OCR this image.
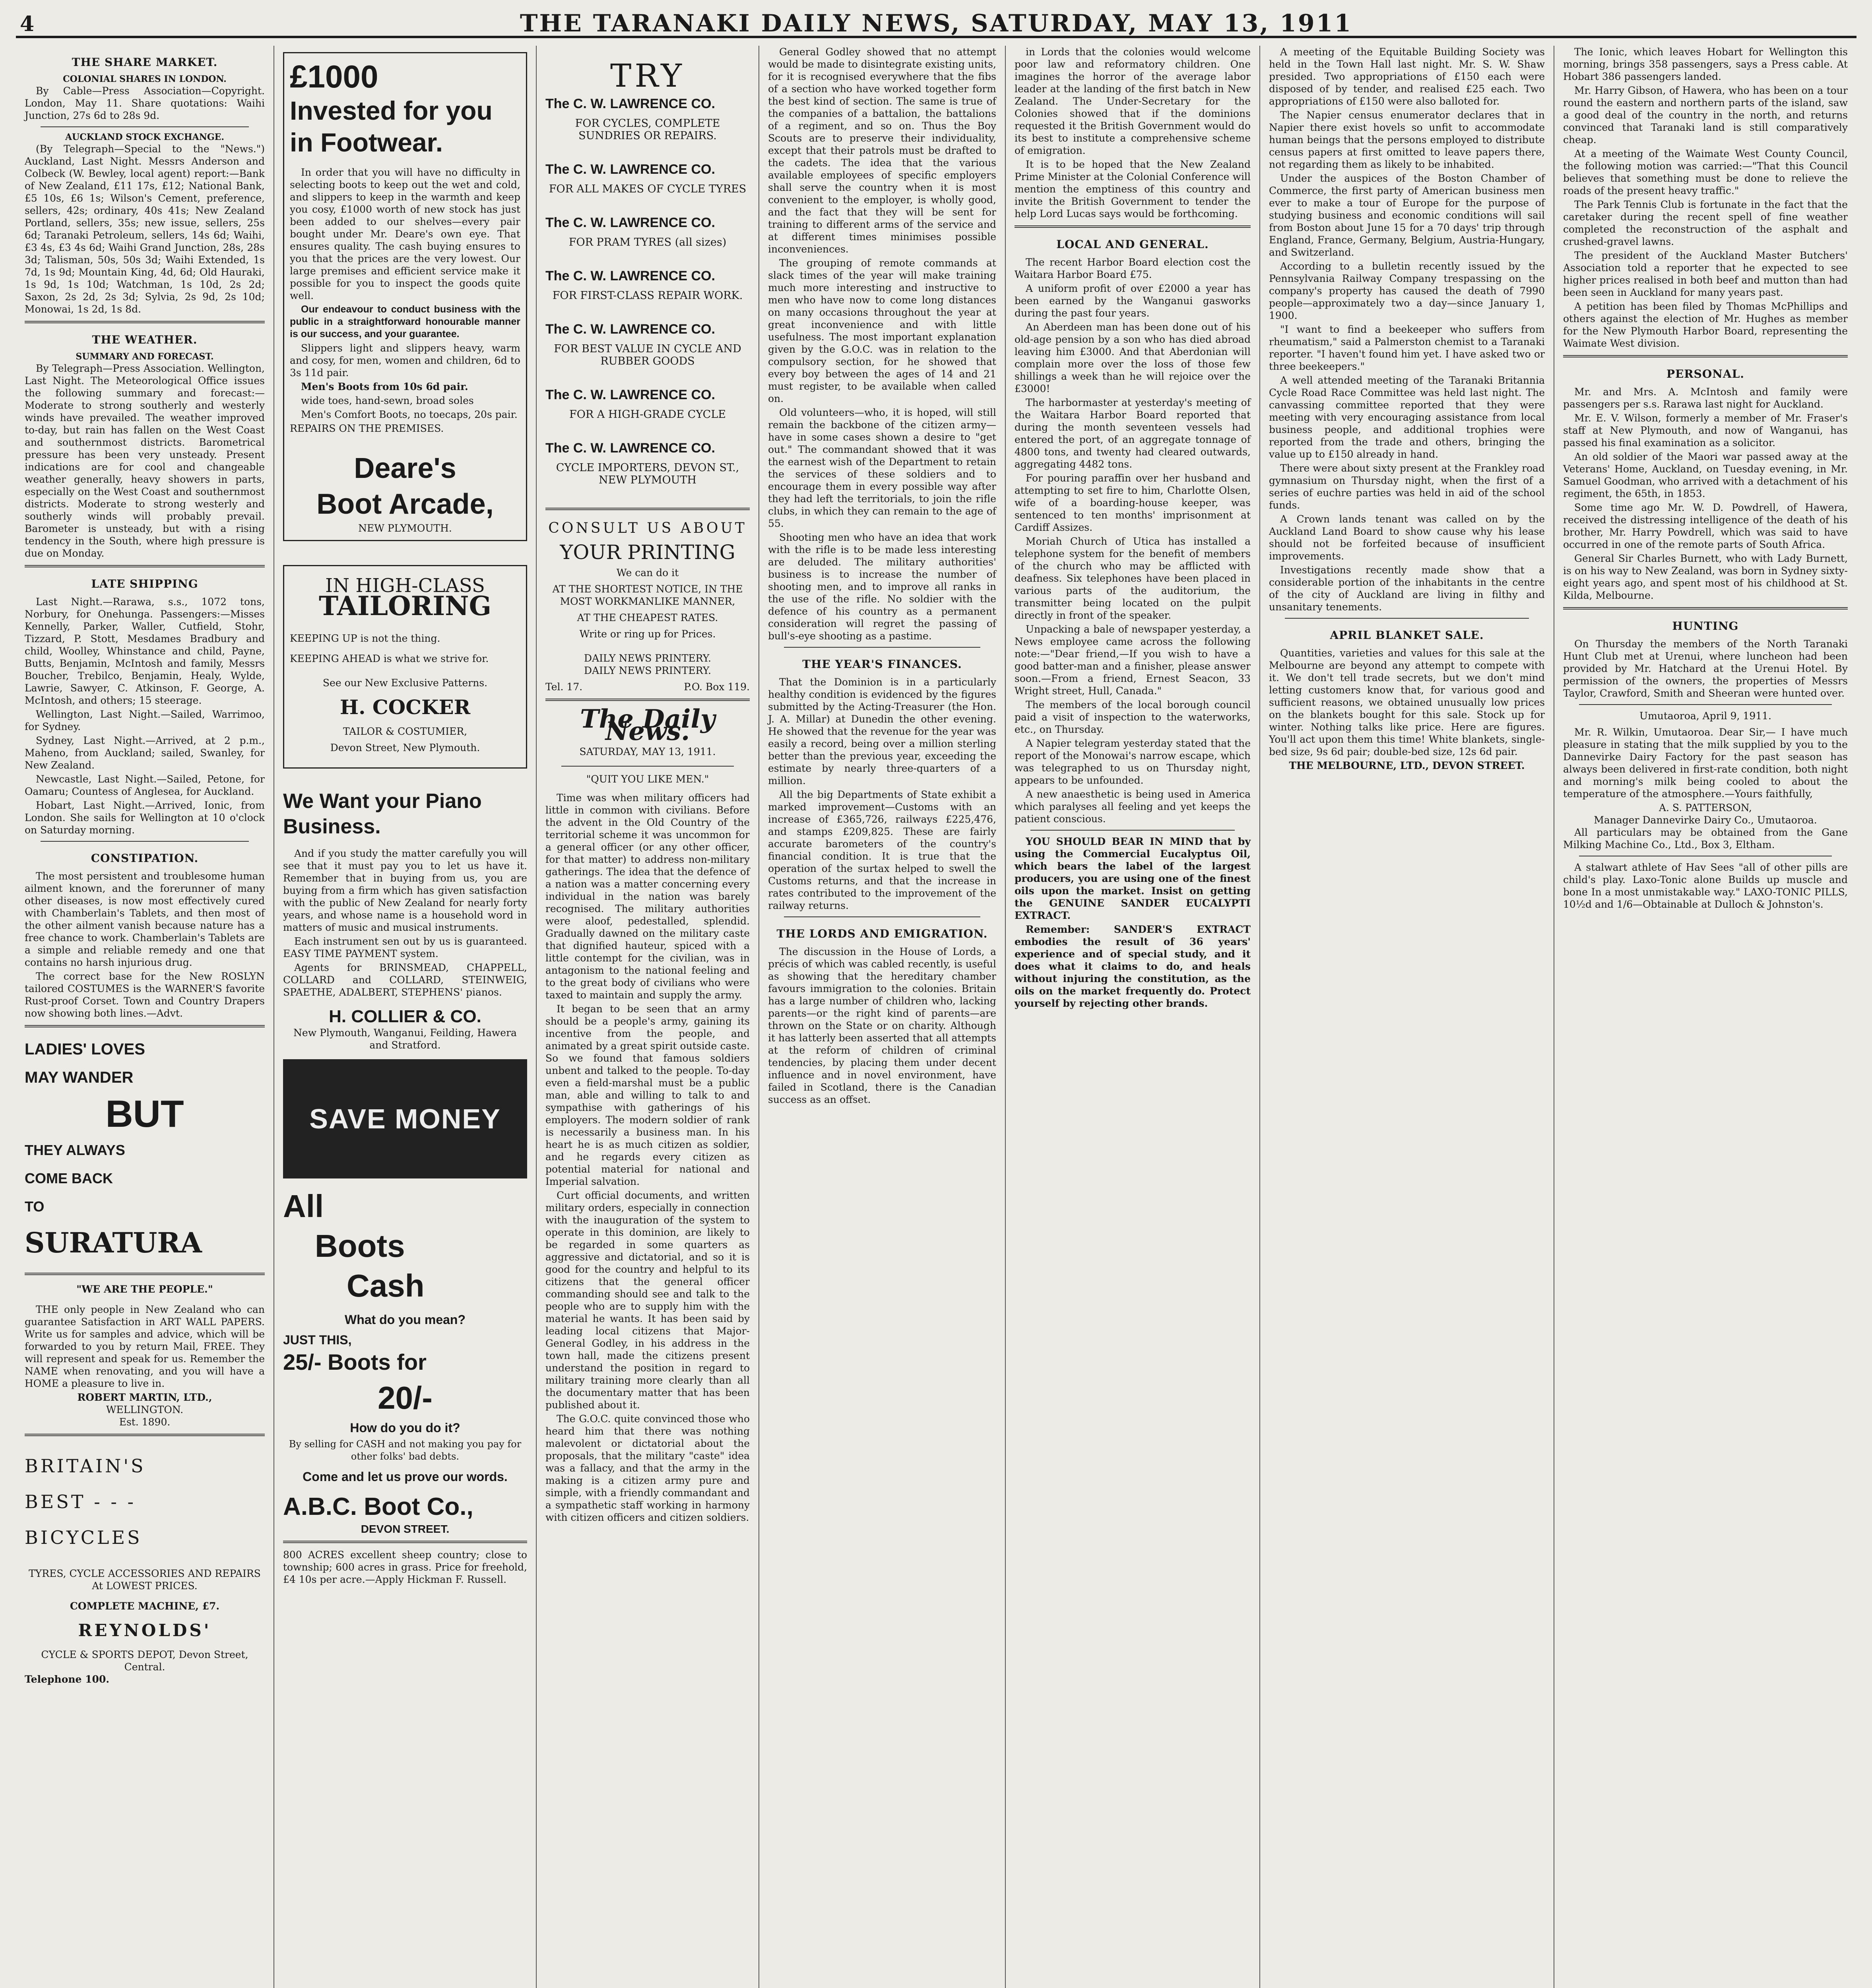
4	THE TARANAKI DAILY NEWS, SATURDAY, MAY 13, 1911
THE SHARE MARKET.
COLONIAL SHARES IN LONDON.

By Cable—Press Association—Copyright. London, May 11. Share quotations: Waihi Junction, 27s 6d to 28s 9d.

AUCKLAND STOCK EXCHANGE.

(By Telegraph—Special to the "News.") Auckland, Last Night. Messrs Anderson and Colbeck (W. Bewley, local agent) report:—Bank of New Zealand, £11 17s, £12; National Bank, £5 10s, £6 1s; Wilson's Cement, preference, sellers, 42s; ordinary, 40s 41s; New Zealand Portland, sellers, 35s; new issue, sellers, 25s 6d; Taranaki Petroleum, sellers, 14s 6d; Waihi, £3 4s, £3 4s 6d; Waihi Grand Junction, 28s, 28s 3d; Talisman, 50s, 50s 3d; Waihi Extended, 1s 7d, 1s 9d; Mountain King, 4d, 6d; Old Hauraki, 1s 9d, 1s 10d; Watchman, 1s 10d, 2s 2d; Saxon, 2s 2d, 2s 3d; Sylvia, 2s 9d, 2s 10d; Monowai, 1s 2d, 1s 8d.

THE WEATHER.
SUMMARY AND FORECAST.

By Telegraph—Press Association. Wellington, Last Night. The Meteorological Office issues the following summary and forecast:—Moderate to strong southerly and westerly winds have prevailed. The weather improved to-day, but rain has fallen on the West Coast and southernmost districts. Barometrical pressure has been very unsteady. Present indications are for cool and changeable weather generally, heavy showers in parts, especially on the West Coast and southernmost districts. Moderate to strong westerly and southerly winds will probably prevail. Barometer is unsteady, but with a rising tendency in the South, where high pressure is due on Monday.

LATE SHIPPING

Last Night.—Rarawa, s.s., 1072 tons, Norbury, for Onehunga. Passengers:—Misses Kennelly, Parker, Waller, Cutfield, Stohr, Tizzard, P. Stott, Mesdames Bradbury and child, Woolley, Whinstance and child, Payne, Butts, Benjamin, McIntosh and family, Messrs Boucher, Trebilco, Benjamin, Healy, Wylde, Lawrie, Sawyer, C. Atkinson, F. George, A. McIntosh, and others; 15 steerage.

Wellington, Last Night.—Sailed, Warrimoo, for Sydney.

Sydney, Last Night.—Arrived, at 2 p.m., Maheno, from Auckland; sailed, Swanley, for New Zealand.

Newcastle, Last Night.—Sailed, Petone, for Oamaru; Countess of Anglesea, for Auckland.

Hobart, Last Night.—Arrived, Ionic, from London. She sails for Wellington at 10 o'clock on Saturday morning.

CONSTIPATION.

The most persistent and troublesome human ailment known, and the forerunner of many other diseases, is now most effectively cured with Chamberlain's Tablets, and then most of the other ailment vanish because nature has a free chance to work. Chamberlain's Tablets are a simple and reliable remedy and one that contains no harsh injurious drug.

The correct base for the New ROSLYN tailored COSTUMES is the WARNER'S favorite Rust-proof Corset. Town and Country Drapers now showing both lines.—Advt.

LADIES' LOVES
MAY WANDER
BUT
THEY ALWAYS
COME BACK
TO
SURATURA
"WE ARE THE PEOPLE."

THE only people in New Zealand who can guarantee Satisfaction in ART WALL PAPERS. Write us for samples and advice, which will be forwarded to you by return Mail, FREE. They will represent and speak for us. Remember the NAME when renovating, and you will have a HOME a pleasure to live in.

ROBERT MARTIN, LTD.,
WELLINGTON.
Est. 1890.
BRITAIN'S
BEST - - -
BICYCLES
TYRES, CYCLE ACCESSORIES AND REPAIRS At LOWEST PRICES.
COMPLETE MACHINE, £7.
REYNOLDS'
CYCLE & SPORTS DEPOT, Devon Street, Central.
Telephone 100.
£1000
Invested for you
in Footwear.

In order that you will have no difficulty in selecting boots to keep out the wet and cold, and slippers to keep in the warmth and keep you cosy, £1000 worth of new stock has just been added to our shelves—every pair bought under Mr. Deare's own eye. That ensures quality. The cash buying ensures to you that the prices are the very lowest. Our large premises and efficient service make it possible for you to inspect the goods quite well.

Our endeavour to conduct business with the public in a straightforward honourable manner is our success, and your guarantee.

Slippers light and slippers heavy, warm and cosy, for men, women and children, 6d to 3s 11d pair.

Men's Boots from 10s 6d pair.

wide toes, hand-sewn, broad soles

Men's Comfort Boots, no toecaps, 20s pair.

REPAIRS ON THE PREMISES.

Deare's
Boot Arcade,
NEW PLYMOUTH.
IN HIGH-CLASS
TAILORING

KEEPING UP is not the thing.

KEEPING AHEAD is what we strive for.

See our New Exclusive Patterns.

H. COCKER
TAILOR & COSTUMIER,
Devon Street, New Plymouth.
We Want your Piano
Business.

And if you study the matter carefully you will see that it must pay you to let us have it. Remember that in buying from us, you are buying from a firm which has given satisfaction with the public of New Zealand for nearly forty years, and whose name is a household word in matters of music and musical instruments.

Each instrument sen out by us is guaranteed. EASY TIME PAYMENT system.

Agents for BRINSMEAD, CHAPPELL, COLLARD and COLLARD, STEINWEIG, SPAETHE, ADALBERT, STEPHENS' pianos.

H. COLLIER & CO.
New Plymouth, Wanganui, Feilding, Hawera and Stratford.
SAVE MONEY
All
Boots
Cash
What do you mean?
JUST THIS,
25/- Boots for
20/-
How do you do it?
By selling for CASH and not making you pay for other folks' bad debts.
Come and let us prove our words.
A.B.C. Boot Co.,
DEVON STREET.

800 ACRES excellent sheep country; close to township; 600 acres in grass. Price for freehold, £4 10s per acre.—Apply Hickman F. Russell.

TRY
The C. W. LAWRENCE CO.
FOR CYCLES, COMPLETE SUNDRIES OR REPAIRS.
The C. W. LAWRENCE CO.
FOR ALL MAKES OF CYCLE TYRES
The C. W. LAWRENCE CO.
FOR PRAM TYRES (all sizes)
The C. W. LAWRENCE CO.
FOR FIRST-CLASS REPAIR WORK.
The C. W. LAWRENCE CO.
FOR BEST VALUE IN CYCLE AND RUBBER GOODS
The C. W. LAWRENCE CO.
FOR A HIGH-GRADE CYCLE
The C. W. LAWRENCE CO.
CYCLE IMPORTERS, DEVON ST., NEW PLYMOUTH
CONSULT US ABOUT
YOUR PRINTING
We can do it
AT THE SHORTEST NOTICE, IN THE MOST WORKMANLIKE MANNER,
AT THE CHEAPEST RATES.
Write or ring up for Prices.
DAILY NEWS PRINTERY.
DAILY NEWS PRINTERY.
Tel. 17.	P.O. Box 119.
The Daily News.
SATURDAY, MAY 13, 1911.
"QUIT YOU LIKE MEN."

Time was when military officers had little in common with civilians. Before the advent in the Old Country of the territorial scheme it was uncommon for a general officer (or any other officer, for that matter) to address non-military gatherings. The idea that the defence of a nation was a matter concerning every individual in the nation was barely recognised. The military authorities were aloof, pedestalled, splendid. Gradually dawned on the military caste that dignified hauteur, spiced with a little contempt for the civilian, was in antagonism to the national feeling and to the great body of civilians who were taxed to maintain and supply the army.

It began to be seen that an army should be a people's army, gaining its incentive from the people, and animated by a great spirit outside caste. So we found that famous soldiers unbent and talked to the people. To-day even a field-marshal must be a public man, able and willing to talk to and sympathise with gatherings of his employers. The modern soldier of rank is necessarily a business man. In his heart he is as much citizen as soldier, and he regards every citizen as potential material for national and Imperial salvation.

Curt official documents, and written military orders, especially in connection with the inauguration of the system to operate in this dominion, are likely to be regarded in some quarters as aggressive and dictatorial, and so it is good for the country and helpful to its citizens that the general officer commanding should see and talk to the people who are to supply him with the material he wants. It has been said by leading local citizens that Major-General Godley, in his address in the town hall, made the citizens present understand the position in regard to military training more clearly than all the documentary matter that has been published about it.

The G.O.C. quite convinced those who heard him that there was nothing malevolent or dictatorial about the proposals, that the military "caste" idea was a fallacy, and that the army in the making is a citizen army pure and simple, with a friendly commandant and a sympathetic staff working in harmony with citizen officers and citizen soldiers.

General Godley showed that no attempt would be made to disintegrate existing units, for it is recognised everywhere that the fibs of a section who have worked together form the best kind of section. The same is true of the companies of a battalion, the battalions of a regiment, and so on. Thus the Boy Scouts are to preserve their individuality, except that their patrols must be drafted to the cadets. The idea that the various available employees of specific employers shall serve the country when it is most convenient to the employer, is wholly good, and the fact that they will be sent for training to different arms of the service and at different times minimises possible inconveniences.

The grouping of remote commands at slack times of the year will make training much more interesting and instructive to men who have now to come long distances on many occasions throughout the year at great inconvenience and with little usefulness. The most important explanation given by the G.O.C. was in relation to the compulsory section, for he showed that every boy between the ages of 14 and 21 must register, to be available when called on.

Old volunteers—who, it is hoped, will still remain the backbone of the citizen army—have in some cases shown a desire to "get out." The commandant showed that it was the earnest wish of the Department to retain the services of these soldiers and to encourage them in every possible way after they had left the territorials, to join the rifle clubs, in which they can remain to the age of 55.

Shooting men who have an idea that work with the rifle is to be made less interesting are deluded. The military authorities' business is to increase the number of shooting men, and to improve all ranks in the use of the rifle. No soldier with the defence of his country as a permanent consideration will regret the passing of bull's-eye shooting as a pastime.

THE YEAR'S FINANCES.

That the Dominion is in a particularly healthy condition is evidenced by the figures submitted by the Acting-Treasurer (the Hon. J. A. Millar) at Dunedin the other evening. He showed that the revenue for the year was easily a record, being over a million sterling better than the previous year, exceeding the estimate by nearly three-quarters of a million.

All the big Departments of State exhibit a marked improvement—Customs with an increase of £365,726, railways £225,476, and stamps £209,825. These are fairly accurate barometers of the country's financial condition. It is true that the operation of the surtax helped to swell the Customs returns, and that the increase in rates contributed to the improvement of the railway returns.

THE LORDS AND EMIGRATION.

The discussion in the House of Lords, a précis of which was cabled recently, is useful as showing that the hereditary chamber favours immigration to the colonies. Britain has a large number of children who, lacking parents—or the right kind of parents—are thrown on the State or on charity. Although it has latterly been asserted that all attempts at the reform of children of criminal tendencies, by placing them under decent influence and in novel environment, have failed in Scotland, there is the Canadian success as an offset.

in Lords that the colonies would welcome poor law and reformatory children. One imagines the horror of the average labor leader at the landing of the first batch in New Zealand. The Under-Secretary for the Colonies showed that if the dominions requested it the British Government would do its best to institute a comprehensive scheme of emigration.

It is to be hoped that the New Zealand Prime Minister at the Colonial Conference will mention the emptiness of this country and invite the British Government to tender the help Lord Lucas says would be forthcoming.

LOCAL AND GENERAL.

The recent Harbor Board election cost the Waitara Harbor Board £75.

A uniform profit of over £2000 a year has been earned by the Wanganui gasworks during the past four years.

An Aberdeen man has been done out of his old-age pension by a son who has died abroad leaving him £3000. And that Aberdonian will complain more over the loss of those few shillings a week than he will rejoice over the £3000!

The harbormaster at yesterday's meeting of the Waitara Harbor Board reported that during the month seventeen vessels had entered the port, of an aggregate tonnage of 4800 tons, and twenty had cleared outwards, aggregating 4482 tons.

For pouring paraffin over her husband and attempting to set fire to him, Charlotte Olsen, wife of a boarding-house keeper, was sentenced to ten months' imprisonment at Cardiff Assizes.

Moriah Church of Utica has installed a telephone system for the benefit of members of the church who may be afflicted with deafness. Six telephones have been placed in various parts of the auditorium, the transmitter being located on the pulpit directly in front of the speaker.

Unpacking a bale of newspaper yesterday, a News employee came across the following note:—"Dear friend,—If you wish to have a good batter-man and a finisher, please answer soon.—From a friend, Ernest Seacon, 33 Wright street, Hull, Canada."

The members of the local borough council paid a visit of inspection to the waterworks, etc., on Thursday.

A Napier telegram yesterday stated that the report of the Monowai's narrow escape, which was telegraphed to us on Thursday night, appears to be unfounded.

A new anaesthetic is being used in America which paralyses all feeling and yet keeps the patient conscious.

YOU SHOULD BEAR IN MIND that by using the Commercial Eucalyptus Oil, which bears the label of the largest producers, you are using one of the finest oils upon the market. Insist on getting the GENUINE SANDER EUCALYPTI EXTRACT.

Remember: SANDER'S EXTRACT embodies the result of 36 years' experience and of special study, and it does what it claims to do, and heals without injuring the constitution, as the oils on the market frequently do. Protect yourself by rejecting other brands.

A meeting of the Equitable Building Society was held in the Town Hall last night. Mr. S. W. Shaw presided. Two appropriations of £150 each were disposed of by tender, and realised £25 each. Two appropriations of £150 were also balloted for.

The Napier census enumerator declares that in Napier there exist hovels so unfit to accommodate human beings that the persons employed to distribute census papers at first omitted to leave papers there, not regarding them as likely to be inhabited.

Under the auspices of the Boston Chamber of Commerce, the first party of American business men ever to make a tour of Europe for the purpose of studying business and economic conditions will sail from Boston about June 15 for a 70 days' trip through England, France, Germany, Belgium, Austria-Hungary, and Switzerland.

According to a bulletin recently issued by the Pennsylvania Railway Company trespassing on the company's property has caused the death of 7990 people—approximately two a day—since January 1, 1900.

"I want to find a beekeeper who suffers from rheumatism," said a Palmerston chemist to a Taranaki reporter. "I haven't found him yet. I have asked two or three beekeepers."

A well attended meeting of the Taranaki Britannia Cycle Road Race Committee was held last night. The canvassing committee reported that they were meeting with very encouraging assistance from local business people, and additional trophies were reported from the trade and others, bringing the value up to £150 already in hand.

There were about sixty present at the Frankley road gymnasium on Thursday night, when the first of a series of euchre parties was held in aid of the school funds.

A Crown lands tenant was called on by the Auckland Land Board to show cause why his lease should not be forfeited because of insufficient improvements.

Investigations recently made show that a considerable portion of the inhabitants in the centre of the city of Auckland are living in filthy and unsanitary tenements.

APRIL BLANKET SALE.

Quantities, varieties and values for this sale at the Melbourne are beyond any attempt to compete with it. We don't tell trade secrets, but we don't mind letting customers know that, for various good and sufficient reasons, we obtained unusually low prices on the blankets bought for this sale. Stock up for winter. Nothing talks like price. Here are figures. You'll act upon them this time! White blankets, single-bed size, 9s 6d pair; double-bed size, 12s 6d pair.

THE MELBOURNE, LTD., DEVON STREET.

The Ionic, which leaves Hobart for Wellington this morning, brings 358 passengers, says a Press cable. At Hobart 386 passengers landed.

Mr. Harry Gibson, of Hawera, who has been on a tour round the eastern and northern parts of the island, saw a good deal of the country in the north, and returns convinced that Taranaki land is still comparatively cheap.

At a meeting of the Waimate West County Council, the following motion was carried:—"That this Council believes that something must be done to relieve the roads of the present heavy traffic."

The Park Tennis Club is fortunate in the fact that the caretaker during the recent spell of fine weather completed the reconstruction of the asphalt and crushed-gravel lawns.

The president of the Auckland Master Butchers' Association told a reporter that he expected to see higher prices realised in both beef and mutton than had been seen in Auckland for many years past.

A petition has been filed by Thomas McPhillips and others against the election of Mr. Hughes as member for the New Plymouth Harbor Board, representing the Waimate West division.

PERSONAL.

Mr. and Mrs. A. McIntosh and family were passengers per s.s. Rarawa last night for Auckland.

Mr. E. V. Wilson, formerly a member of Mr. Fraser's staff at New Plymouth, and now of Wanganui, has passed his final examination as a solicitor.

An old soldier of the Maori war passed away at the Veterans' Home, Auckland, on Tuesday evening, in Mr. Samuel Goodman, who arrived with a detachment of his regiment, the 65th, in 1853.

Some time ago Mr. W. D. Powdrell, of Hawera, received the distressing intelligence of the death of his brother, Mr. Harry Powdrell, which was said to have occurred in one of the remote parts of South Africa.

General Sir Charles Burnett, who with Lady Burnett, is on his way to New Zealand, was born in Sydney sixty-eight years ago, and spent most of his childhood at St. Kilda, Melbourne.

HUNTING

On Thursday the members of the North Taranaki Hunt Club met at Urenui, where luncheon had been provided by Mr. Hatchard at the Urenui Hotel. By permission of the owners, the properties of Messrs Taylor, Crawford, Smith and Sheeran were hunted over.

Umutaoroa, April 9, 1911.

Mr. R. Wilkin, Umutaoroa. Dear Sir,— I have much pleasure in stating that the milk supplied by you to the Dannevirke Dairy Factory for the past season has always been delivered in first-rate condition, both night and morning's milk being cooled to about the temperature of the atmosphere.—Yours faithfully,

A. S. PATTERSON,
Manager Dannevirke Dairy Co., Umutaoroa.

All particulars may be obtained from the Gane Milking Machine Co., Ltd., Box 3, Eltham.

A stalwart athlete of Hav Sees "all of other pills are child's play. Laxo-Tonic alone Builds up muscle and bone In a most unmistakable way." LAXO-TONIC PILLS, 10½d and 1/6—Obtainable at Dulloch & Johnston's.
